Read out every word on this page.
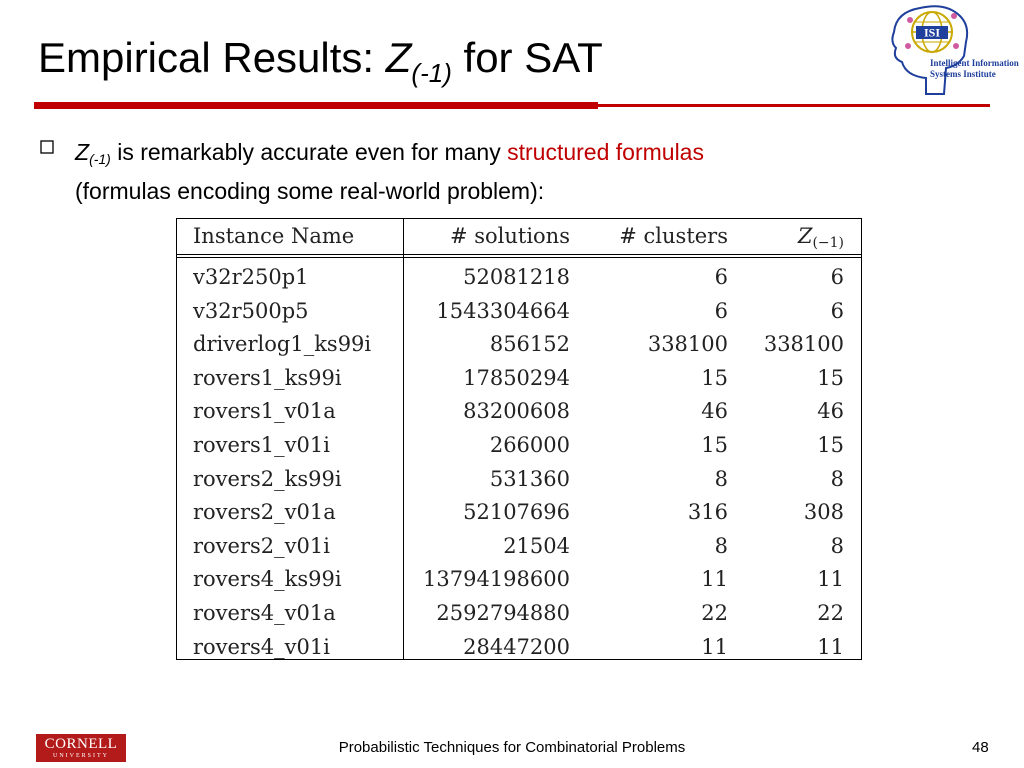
Empirical Results: $Z_{(-1)}$ for SAT
ISI
Intelligent Information
Systems Institute
$Z_{(-1)}$ is remarkably accurate even for many structured formulas
(formulas encoding some real-world problem):
Instance Name	# solutions # clusters	$Z_{(-1)}$
v32r250p1	52081218	6	6
v32r500p5	1543304664	6	6
driverlog1_ks99i	856152	338100 338100
rovers1_ks99i	17850294	15	15
rovers1_v01a	83200608	46	46
rovers1_v01i	266000	15	15
rovers2_ks99i	531360	8	8
rovers2_v01a	52107696	316	308
rovers2_v01i	21504	8	8
rovers4_ks99i	13794198600	11	11
rovers4_v01a	2592794880	22	22
rovers4_v01i	28447200	11	11
CORNELL
UNIVERSITY	Probabilistic Techniques for Combinatorial Problems	48
